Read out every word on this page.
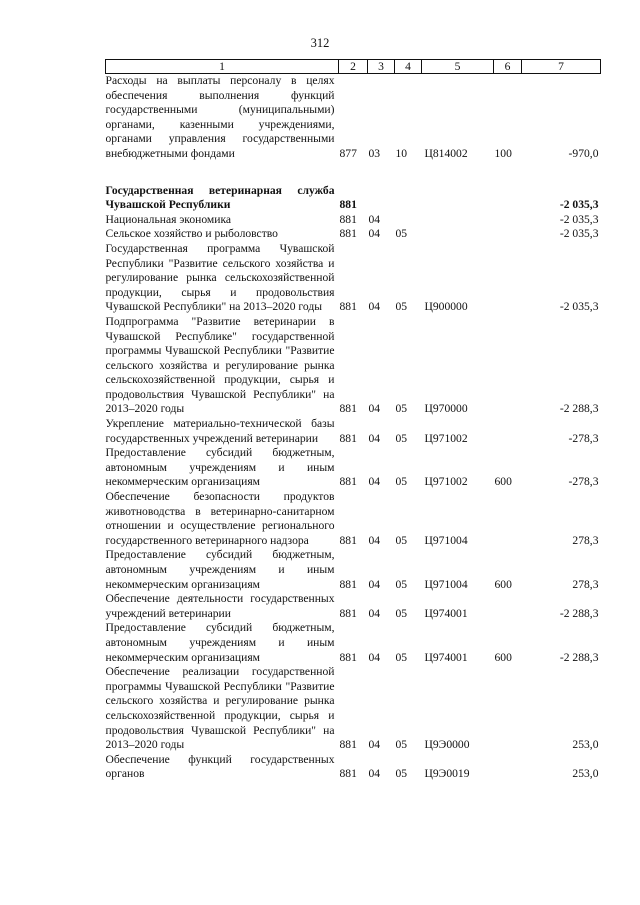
312
1	2	3	4	5	6	7
Расходы на выплаты персоналу в целях обеспечения выполнения функций государственными (муниципальными) органами, казенными учреждениями, органами управления государственными внебюджетными фондами	877	03	10	Ц814002	100	-970,0

Государственная ветеринарная служба Чувашской Республики	881					-2 035,3
Национальная экономика	881	04				-2 035,3
Сельское хозяйство и рыболовство	881	04	05			-2 035,3
Государственная программа Чувашской Республики "Развитие сельского хозяйства и регулирование рынка сельскохозяйственной продукции, сырья и продовольствия Чувашской Республики" на 2013–2020 годы	881	04	05	Ц900000		-2 035,3
Подпрограмма "Развитие ветеринарии в Чувашской Республике" государственной программы Чувашской Республики "Развитие сельского хозяйства и регулирование рынка сельскохозяйственной продукции, сырья и продовольствия Чувашской Республики" на 2013–2020 годы	881	04	05	Ц970000		-2 288,3
Укрепление материально-технической базы государственных учреждений ветеринарии	881	04	05	Ц971002		-278,3
Предоставление субсидий бюджетным, автономным учреждениям и иным некоммерческим организациям	881	04	05	Ц971002	600	-278,3
Обеспечение безопасности продуктов животноводства в ветеринарно-санитарном отношении и осуществление регионального государственного ветеринарного надзора	881	04	05	Ц971004		278,3
Предоставление субсидий бюджетным, автономным учреждениям и иным некоммерческим организациям	881	04	05	Ц971004	600	278,3
Обеспечение деятельности государственных учреждений ветеринарии	881	04	05	Ц974001		-2 288,3
Предоставление субсидий бюджетным, автономным учреждениям и иным некоммерческим организациям	881	04	05	Ц974001	600	-2 288,3
Обеспечение реализации государственной программы Чувашской Республики "Развитие сельского хозяйства и регулирование рынка сельскохозяйственной продукции, сырья и продовольствия Чувашской Республики" на 2013–2020 годы	881	04	05	Ц9Э0000		253,0
Обеспечение функций государственных органов	881	04	05	Ц9Э0019		253,0
